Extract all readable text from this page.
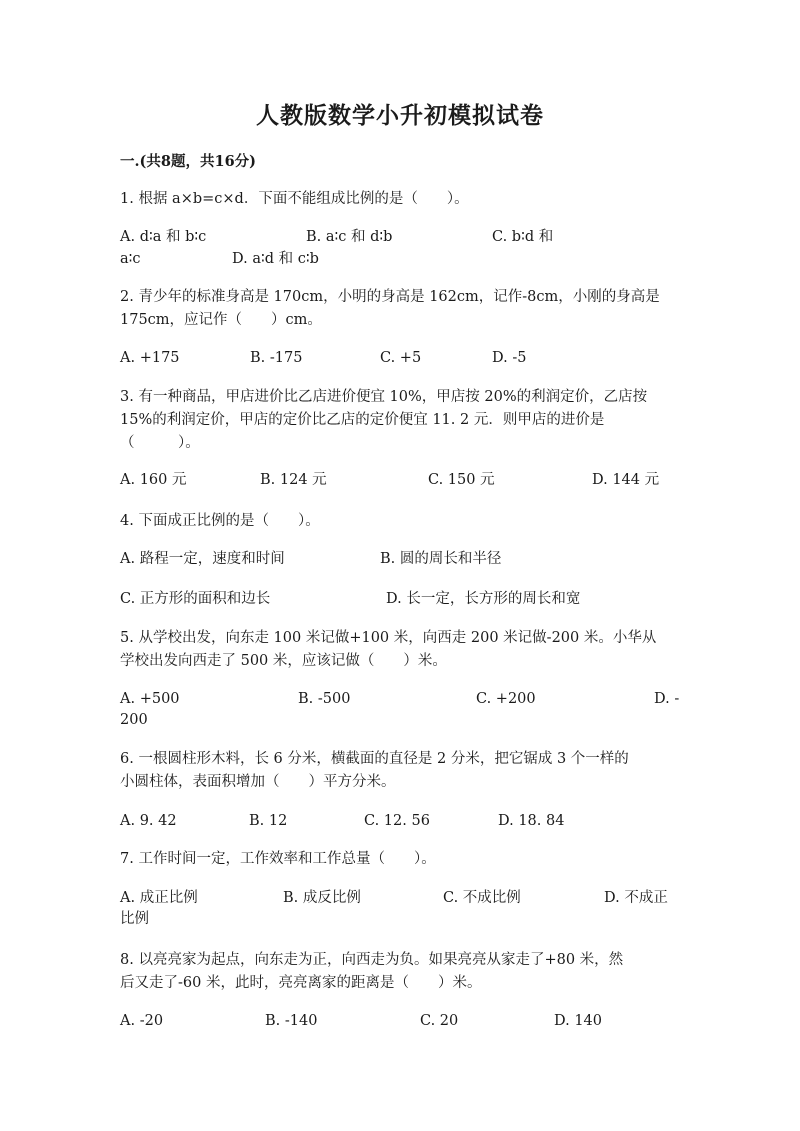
人教版数学小升初模拟试卷
一.(共8题，共16分)
1. 根据 a×b=c×d．下面不能组成比例的是（　　）。
A. d∶a 和 b∶c	B. a∶c 和 d∶b	C. b∶d 和
a∶c	D. a∶d 和 c∶b
2. 青少年的标准身高是 170cm，小明的身高是 162cm，记作-8cm，小刚的身高是
175cm，应记作（　　）cm。
A. +175	B. -175	C. +5	D. -5
3. 有一种商品，甲店进价比乙店进价便宜 10%，甲店按 20%的利润定价，乙店按
15%的利润定价，甲店的定价比乙店的定价便宜 11. 2 元．则甲店的进价是
（　　　）。
A. 160 元	B. 124 元	C. 150 元	D. 144 元
4. 下面成正比例的是（　　）。
A. 路程一定，速度和时间	B. 圆的周长和半径
C. 正方形的面积和边长	D. 长一定，长方形的周长和宽
5. 从学校出发，向东走 100 米记做+100 米，向西走 200 米记做-200 米。小华从
学校出发向西走了 500 米，应该记做（　　）米。
A. +500	B. -500	C. +200	D. -
200
6. 一根圆柱形木料，长 6 分米，横截面的直径是 2 分米，把它锯成 3 个一样的
小圆柱体，表面积增加（　　）平方分米。
A. 9. 42	B. 12	C. 12. 56	D. 18. 84
7. 工作时间一定，工作效率和工作总量（　　）。
A. 成正比例	B. 成反比例	C. 不成比例	D. 不成正
比例
8. 以亮亮家为起点，向东走为正，向西走为负。如果亮亮从家走了+80 米，然
后又走了-60 米，此时，亮亮离家的距离是（　　）米。
A. -20	B. -140	C. 20	D. 140
